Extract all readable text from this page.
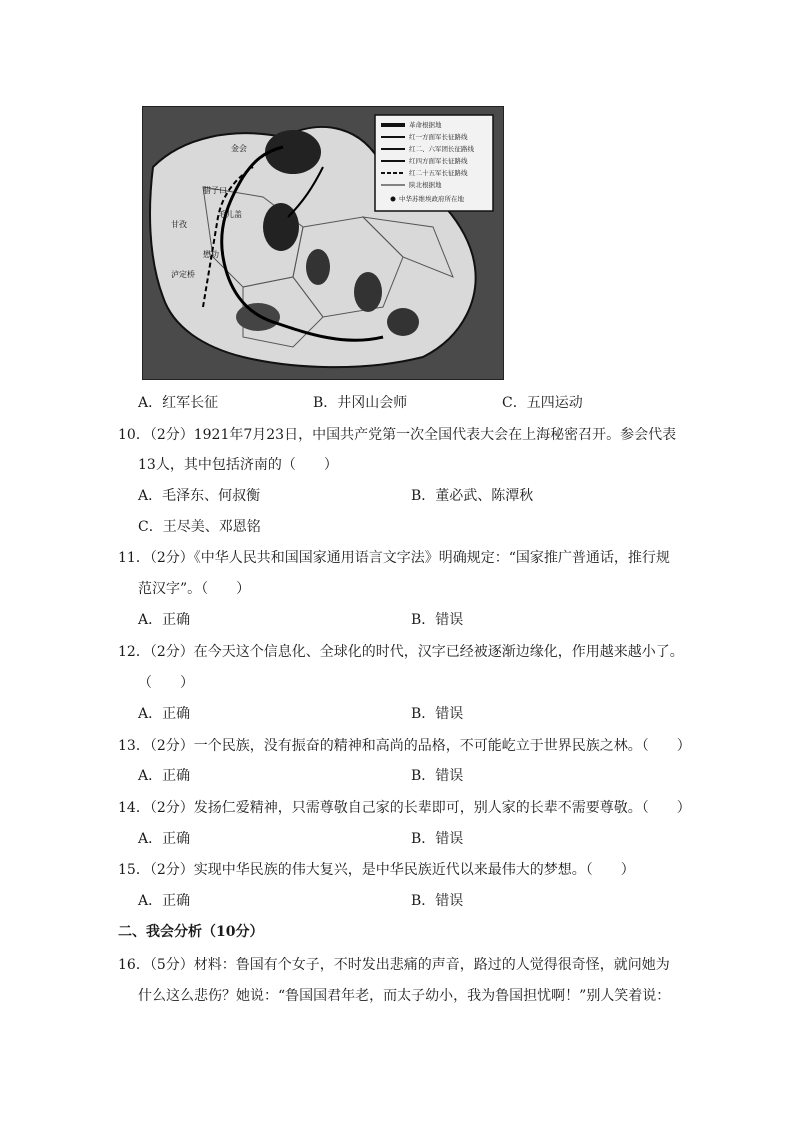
革命根据地
红一方面军长征路线
红二、六军团长征路线
红四方面军长征路线
红二十五军长征路线
陕北根据地
中华苏维埃政府所在地
金会
腊子口
毛儿盖
甘孜
泸定桥
懋功
A．红军长征	B．井冈山会师	C．五四运动
10．（2分）1921年7月23日，中国共产党第一次全国代表大会在上海秘密召开。参会代表
13人，其中包括济南的（　　）
A．毛泽东、何叔衡	B．董必武、陈潭秋
C．王尽美、邓恩铭
11．（2分）《中华人民共和国国家通用语言文字法》明确规定：“国家推广普通话，推行规
范汉字”。（　　）
A．正确	B．错误
12．（2分）在今天这个信息化、全球化的时代，汉字已经被逐渐边缘化，作用越来越小了。
（　　）
A．正确	B．错误
13．（2分）一个民族，没有振奋的精神和高尚的品格，不可能屹立于世界民族之林。（　　）
A．正确	B．错误
14．（2分）发扬仁爱精神，只需尊敬自己家的长辈即可，别人家的长辈不需要尊敬。（　　）
A．正确	B．错误
15．（2分）实现中华民族的伟大复兴，是中华民族近代以来最伟大的梦想。（　　）
A．正确	B．错误
二、我会分析（10分）
16．（5分）材料：鲁国有个女子，不时发出悲痛的声音，路过的人觉得很奇怪，就问她为
什么这么悲伤？她说：“鲁国国君年老，而太子幼小，我为鲁国担忧啊！”别人笑着说：
